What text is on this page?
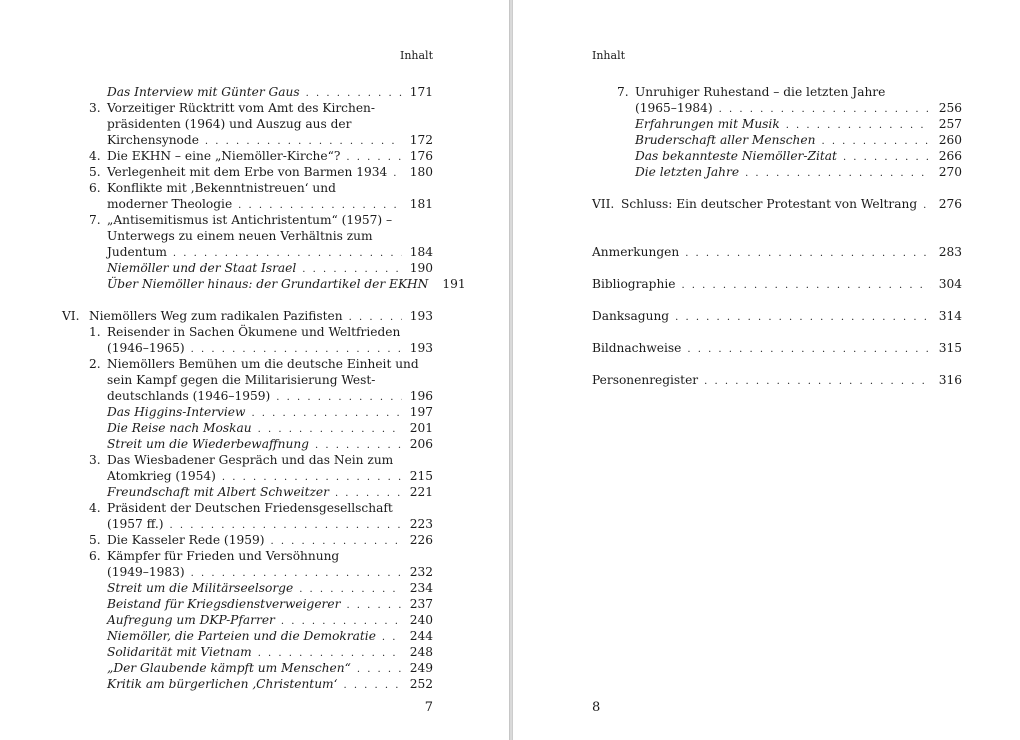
Inhalt
Das Interview mit Günter Gaus . . .	171
3. Vorzeitiger Rücktritt vom Amt des Kirchen-
präsidenten (1964) und Auszug aus der
Kirchensynode . . .	172
4. Die EKHN – eine „Niemöller-Kirche“? . . .	176
5. Verlegenheit mit dem Erbe von Barmen 1934 . . . 180
6. Konflikte mit ‚Bekenntnistreuen‘ und
moderner Theologie . . .	181
7. „Antisemitismus ist Antichristentum“ (1957) –
Unterwegs zu einem neuen Verhältnis zum
Judentum . . .	184
Niemöller und der Staat Israel . . .	190
Über Niemöller hinaus: der Grundartikel der EKHN 191
VI. Niemöllers Weg zum radikalen Pazifisten . . .	193
1. Reisender in Sachen Ökumene und Weltfrieden
(1946–1965) . . .	193
2. Niemöllers Bemühen um die deutsche Einheit und
sein Kampf gegen die Militarisierung West-
deutschlands (1946–1959) . . .	196
Das Higgins-Interview . . .	197
Die Reise nach Moskau . . .	201
Streit um die Wiederbewaffnung . . .	206
3. Das Wiesbadener Gespräch und das Nein zum
Atomkrieg (1954) . . .	215
Freundschaft mit Albert Schweitzer . . .	221
4. Präsident der Deutschen Friedensgesellschaft
(1957 ff.) . . .	223
5. Die Kasseler Rede (1959) . . .	226
6. Kämpfer für Frieden und Versöhnung
(1949–1983) . . .	232
Streit um die Militärseelsorge . . .	234
Beistand für Kriegsdienstverweigerer . . .	237
Aufregung um DKP-Pfarrer . . .	240
Niemöller, die Parteien und die Demokratie . . .	244
Solidarität mit Vietnam . . .	248
„Der Glaubende kämpft um Menschen“ . . .	249
Kritik am bürgerlichen ‚Christentum‘ . . .	252
7
Inhalt
7. Unruhiger Ruhestand – die letzten Jahre
(1965–1984) . . .	256
Erfahrungen mit Musik . . .	257
Bruderschaft aller Menschen . . .	260
Das bekannteste Niemöller-Zitat . . .	266
Die letzten Jahre . . .	270
VII. Schluss: Ein deutscher Protestant von Weltrang . . . 276
Anmerkungen . . .	283
Bibliographie . . .	304
Danksagung . . .	314
Bildnachweise . . .	315
Personenregister . . .	316
8
